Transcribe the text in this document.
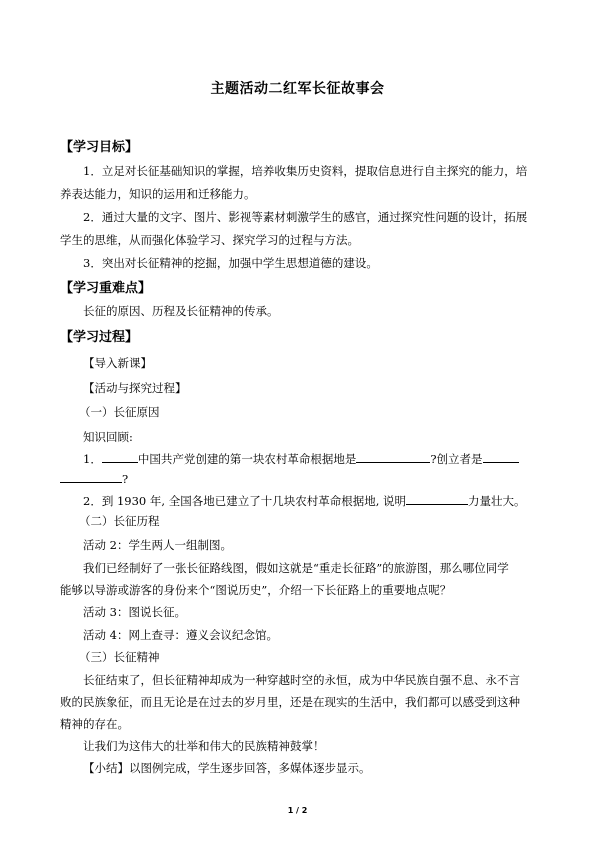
主题活动二红军长征故事会
【学习目标】
1．立足对长征基础知识的掌握，培养收集历史资料，提取信息进行自主探究的能力，培
养表达能力，知识的运用和迁移能力。
2．通过大量的文字、图片、影视等素材刺激学生的感官，通过探究性问题的设计，拓展
学生的思维，从而强化体验学习、探究学习的过程与方法。
3．突出对长征精神的挖掘，加强中学生思想道德的建设。
【学习重难点】
长征的原因、历程及长征精神的传承。
【学习过程】
【导入新课】
【活动与探究过程】
（一）长征原因
知识回顾:
1．	中国共产党创建的第一块农村革命根据地是	?创立者是
?
2．到 1930 年, 全国各地已建立了十几块农村革命根据地, 说明	力量壮大。
（二）长征历程
活动 2：学生两人一组制图。
我们已经制好了一张长征路线图，假如这就是“重走长征路”的旅游图，那么哪位同学
能够以导游或游客的身份来个“图说历史”，介绍一下长征路上的重要地点呢？
活动 3：图说长征。
活动 4：网上查寻：遵义会议纪念馆。
（三）长征精神
长征结束了，但长征精神却成为一种穿越时空的永恒，成为中华民族自强不息、永不言
败的民族象征，而且无论是在过去的岁月里，还是在现实的生活中，我们都可以感受到这种
精神的存在。
让我们为这伟大的壮举和伟大的民族精神鼓掌！
【小结】以图例完成，学生逐步回答，多媒体逐步显示。
1 / 2
